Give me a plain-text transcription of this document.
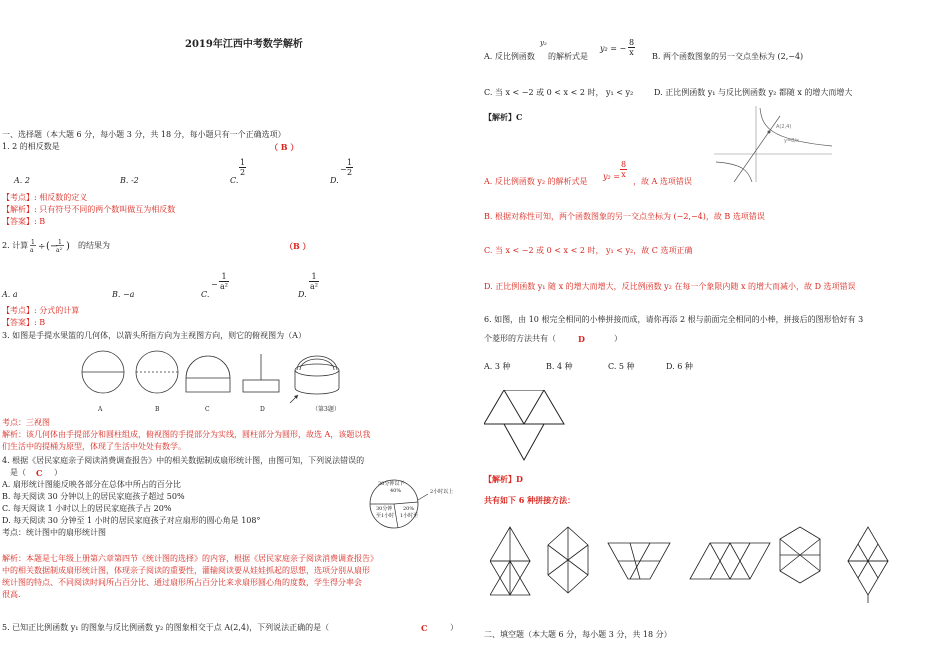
2019年江西中考数学解析
一、选择题（本大题 6 分，每小题 3 分，共 18 分，每小题只有一个正确选项）
1. 2 的相反数是	（ B ）
A. 2	B. -2	C.
$\frac{1}{2}$
D.
− $\frac{1}{2}$
【考点】: 相反数的定义
【解析】: 只有符号不同的两个数叫做互为相反数
【答案】: B
2. 计算 1
a ÷ (− 1
a² ) 的结果为	（B ）
A. a	B. −a	C.
− $\frac{1}{\text{a²}}$
D.
$\frac{1}{\text{a²}}$
【考点】: 分式的计算
【答案】: B
3. 如图是手提水果篮的几何体，以箭头所指方向为主视图方向，则它的俯视图为（A）
A	B	C	D	（第3题）
考点：三视图
解析：该几何体由手提部分和圆柱组成，俯视图的手提部分为实线，圆柱部分为圆形，故选 A，该题以我
们生活中的提桶为原型，体现了生活中处处有数学。
4. 根据《居民家庭亲子阅读消费调查报告》中的相关数据制成扇形统计图，由图可知，下列说法错误的
是（ C ）
A. 扇形统计图能反映各部分在总体中所占的百分比
B. 每天阅读 30 分钟以上的居民家庭孩子超过 50%
C. 每天阅读 1 小时以上的居民家庭孩子占 20%
D. 每天阅读 30 分钟至 1 小时的居民家庭孩子对应扇形的圆心角是 108°
考点：统计图中的扇形统计图
30分钟以下
40%	2小时以上
20%
1小时至
30分钟
至1小时
解析：本题是七年级上册第六章第四节《统计图的选择》的内容，根据《居民家庭亲子阅读消费调查报告》
中的相关数据制成扇形统计图，体现亲子阅读的重要性，灌输阅读要从娃娃抓起的思想，选项分别从扇形
统计图的特点、不同阅读时间所占百分比、通过扇形所占百分比来求扇形圆心角的度数，学生得分率会
很高.
5. 已知正比例函数 y₁ 的图象与反比例函数 y₂ 的图象相交于点 A(2,4)，下列说法正确的是（	C	）
A. 反比例函数
y₂
的解析式是
y₂ = − $\frac{8}{x} B$. 两个函数图象的另一交点坐标为 (2,−4)
C. 当 x < −2 或 0 < x < 2 时， y₁ < y₂	D. 正比例函数 y₁ 与反比例函数 y₂ 都随 x 的增大而增大
【解析】C
A(2,4)
y=8/x
A. 反比例函数 y₂ 的解析式是
$y_2 = \frac{8}{x}$
，故 A 选项错误
B. 根据对称性可知，两个函数图象的另一交点坐标为 (−2,−4)，故 B 选项错误
C. 当 x < −2 或 0 < x < 2 时， y₁ < y₂，故 C 选项正确
D. 正比例函数 y₁ 随 x 的增大而增大，反比例函数 y₂ 在每一个象限内随 x 的增大而减小，故 D 选项错误
6. 如图，由 10 根完全相同的小棒拼接而成，请你再添 2 根与前面完全相同的小棒，拼接后的图形恰好有 3
个菱形的方法共有（	D	）
A. 3 种	B. 4 种	C. 5 种	D. 6 种
【解析】D
共有如下 6 种拼接方法：
二、填空题（本大题 6 分，每小题 3 分，共 18 分）
